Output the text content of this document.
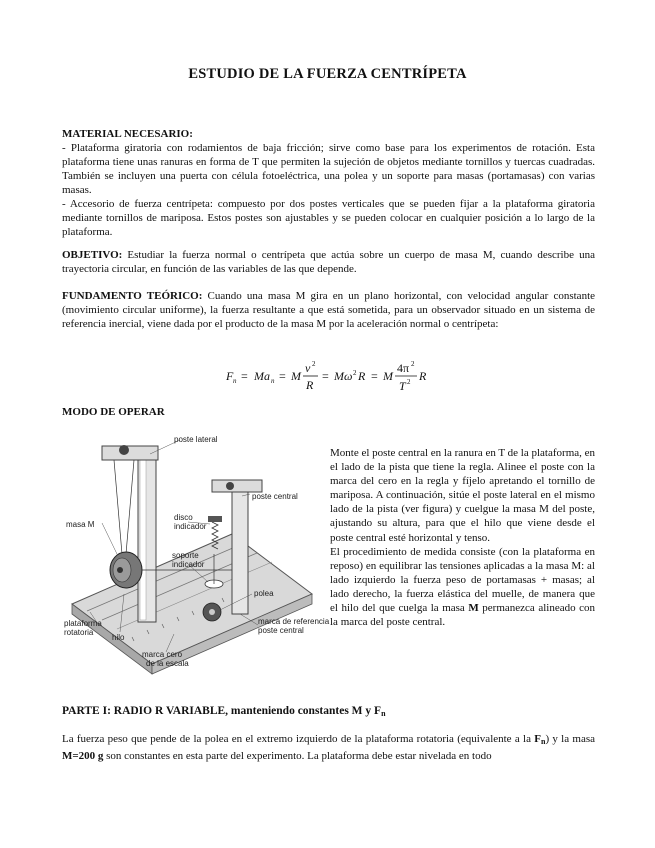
ESTUDIO DE LA FUERZA CENTRÍPETA
MATERIAL NECESARIO:

- Plataforma giratoria con rodamientos de baja fricción; sirve como base para los experimentos de rotación. Esta plataforma tiene unas ranuras en forma de T que permiten la sujeción de objetos mediante tornillos y tuercas cuadradas. También se incluyen una puerta con célula fotoeléctrica, una polea y un soporte para masas (portamasas) con varias masas.

- Accesorio de fuerza centrípeta: compuesto por dos postes verticales que se pueden fijar a la plataforma giratoria mediante tornillos de mariposa. Estos postes son ajustables y se pueden colocar en cualquier posición a lo largo de la plataforma.

OBJETIVO: Estudiar la fuerza normal o centrípeta que actúa sobre un cuerpo de masa M, cuando describe una trayectoria circular, en función de las variables de las que depende.
FUNDAMENTO TEÓRICO: Cuando una masa M gira en un plano horizontal, con velocidad angular constante (movimiento circular uniforme), la fuerza resultante a que está sometida, para un observador situado en un sistema de referencia inercial, viene dada por el producto de la masa M por la aceleración normal o centrípeta:
F n = Ma n = M
v 2
R
= Mω 2 R = M
4π 2
T 2 R
MODO DE OPERAR
poste lateral
poste central
masa M
disco
indicador
soporte
indicador
polea
plataforma
rotatoria
hilo
marca de referencia
poste central
marca cero
de la escala

Monte el poste central en la ranura en T de la plataforma, en el lado de la pista que tiene la regla. Alinee el poste con la marca del cero en la regla y fíjelo apretando el tornillo de mariposa. A continuación, sitúe el poste lateral en el mismo lado de la pista (ver figura) y cuelgue la masa M del poste, ajustando su altura, para que el hilo que viene desde el poste central esté horizontal y tenso.

El procedimiento de medida consiste (con la plataforma en reposo) en equilibrar las tensiones aplicadas a la masa M: al lado izquierdo la fuerza peso de portamasas + masas; al lado derecho, la fuerza elástica del muelle, de manera que el hilo del que cuelga la masa M permanezca alineado con la marca del poste central.

PARTE I: RADIO R VARIABLE, manteniendo constantes M y $F_n$
La fuerza peso que pende de la polea en el extremo izquierdo de la plataforma rotatoria (equivalente a la $F_n$) y la masa M=200 g son constantes en esta parte del experimento. La plataforma debe estar nivelada en todo
